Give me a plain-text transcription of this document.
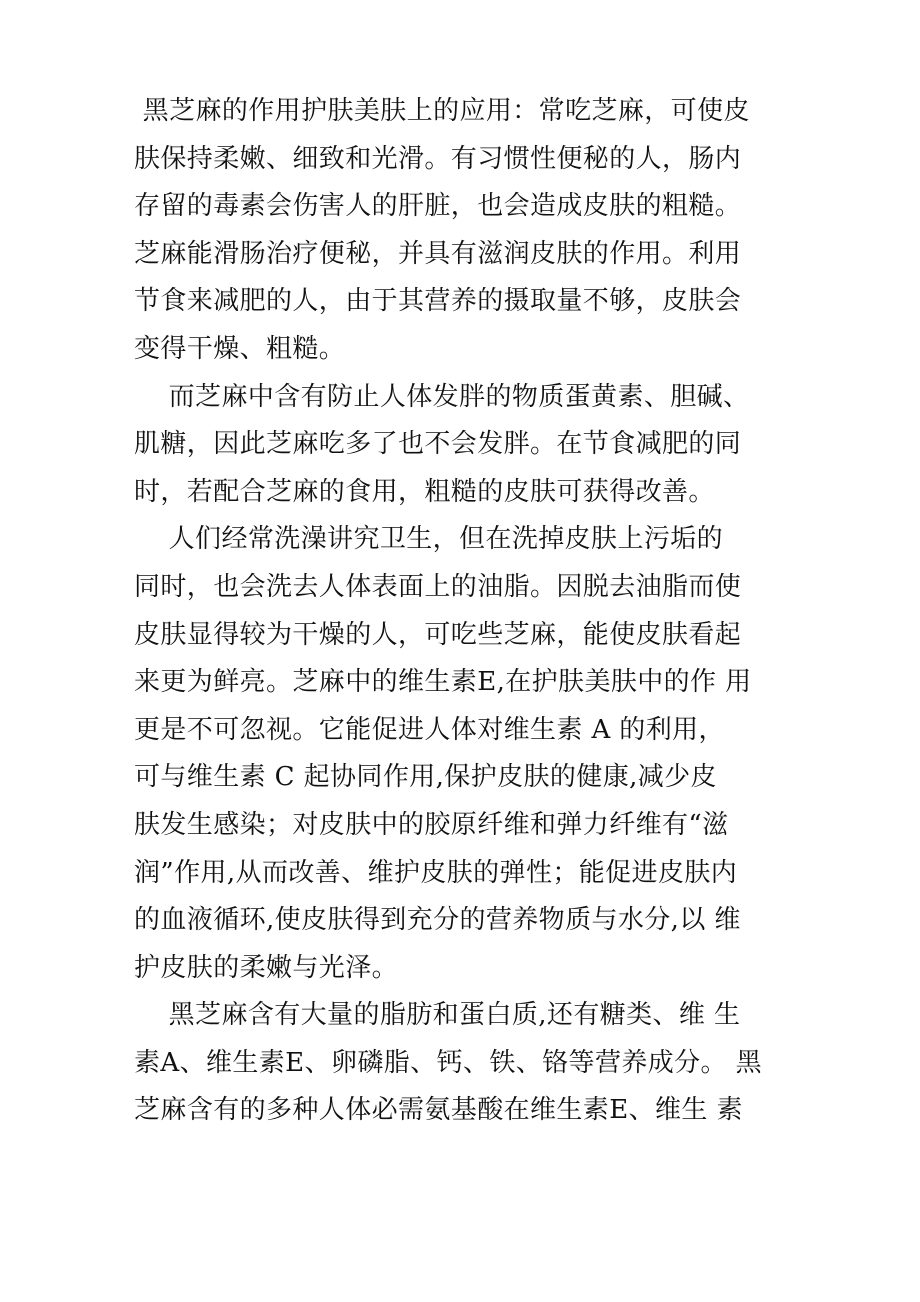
黑芝麻的作用护肤美肤上的应用：常吃芝麻，可使皮
肤保持柔嫩、细致和光滑。有习惯性便秘的人，肠内
存留的毒素会伤害人的肝脏，也会造成皮肤的粗糙。
芝麻能滑肠治疗便秘，并具有滋润皮肤的作用。利用
节食来减肥的人，由于其营养的摄取量不够，皮肤会
变得干燥、粗糙。
而芝麻中含有防止人体发胖的物质蛋黄素、胆碱、
肌糖，因此芝麻吃多了也不会发胖。在节食减肥的同
时，若配合芝麻的食用，粗糙的皮肤可获得改善。
人们经常洗澡讲究卫生，但在洗掉皮肤上污垢的
同时，也会洗去人体表面上的油脂。因脱去油脂而使
皮肤显得较为干燥的人，可吃些芝麻，能使皮肤看起
来更为鲜亮。芝麻中的维生素E,在护肤美肤中的作 用
更是不可忽视。它能促进人体对维生素 A 的利用，
可与维生素 C 起协同作用,保护皮肤的健康,减少皮
肤发生感染；对皮肤中的胶原纤维和弹力纤维有“滋
润”作用,从而改善、维护皮肤的弹性；能促进皮肤内
的血液循环,使皮肤得到充分的营养物质与水分,以 维
护皮肤的柔嫩与光泽。
黑芝麻含有大量的脂肪和蛋白质,还有糖类、维 生
素A、维生素E、卵磷脂、钙、铁、铬等营养成分。 黑
芝麻含有的多种人体必需氨基酸在维生素E、维生 素
